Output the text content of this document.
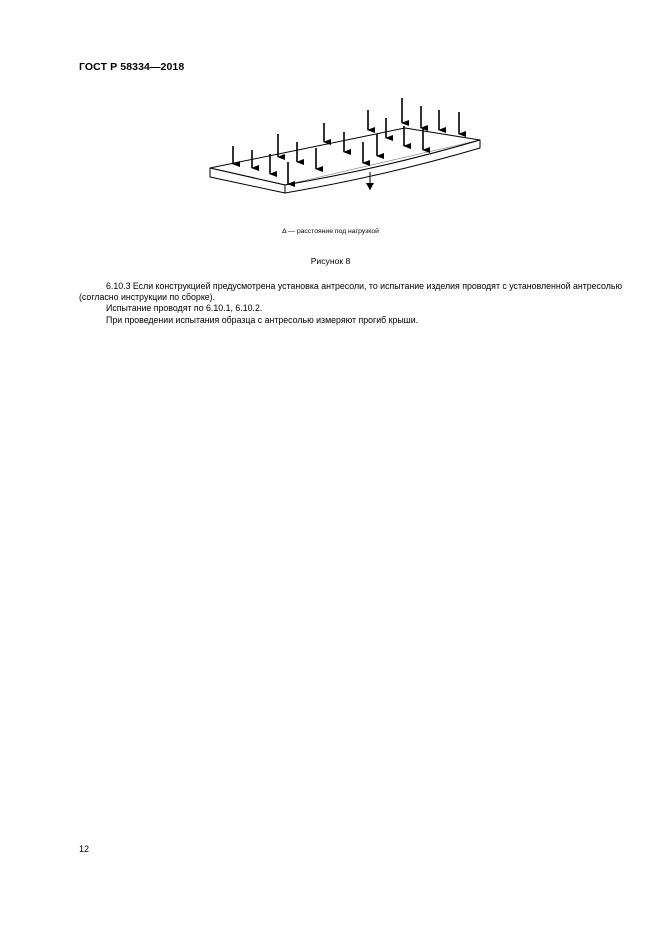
ГОСТ Р 58334—2018
Δ — расстояние под нагрузкой
Рисунок 8

6.10.3 Если конструкцией предусмотрена установка антресоли, то испытание изделия проводят с установленной антресолью (согласно инструкции по сборке).

Испытание проводят по 6.10.1, 6.10.2.

При проведении испытания образца с антресолью измеряют прогиб крыши.

12
